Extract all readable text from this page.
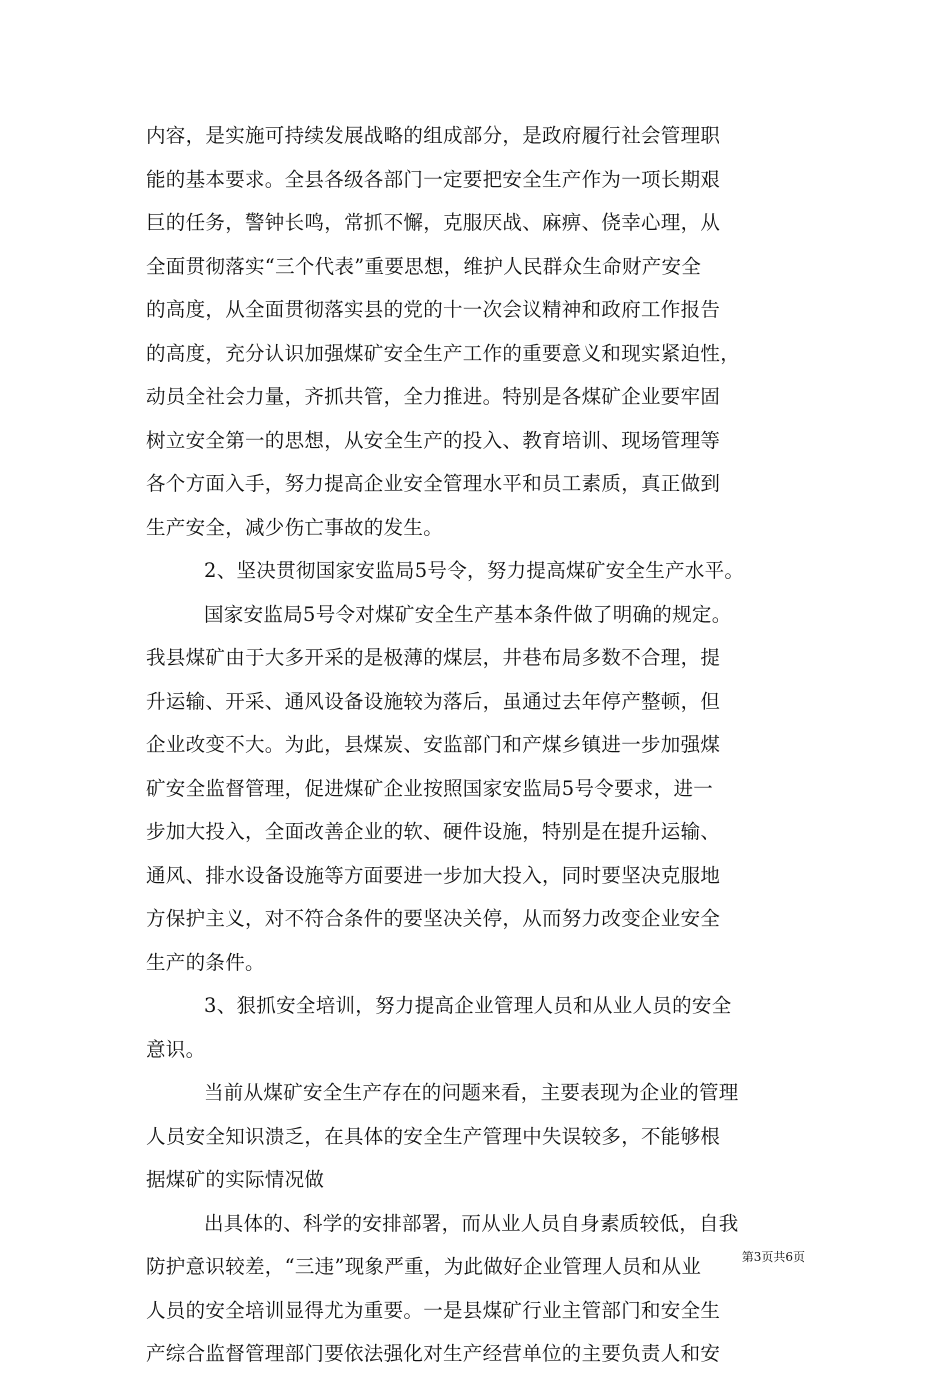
内容，是实施可持续发展战略的组成部分，是政府履行社会管理职
能的基本要求。全县各级各部门一定要把安全生产作为一项长期艰
巨的任务，警钟长鸣，常抓不懈，克服厌战、麻痹、侥幸心理，从
全面贯彻落实“三个代表”重要思想，维护人民群众生命财产安全
的高度，从全面贯彻落实县的党的十一次会议精神和政府工作报告
的高度，充分认识加强煤矿安全生产工作的重要意义和现实紧迫性，
动员全社会力量，齐抓共管，全力推进。特别是各煤矿企业要牢固
树立安全第一的思想，从安全生产的投入、教育培训、现场管理等
各个方面入手，努力提高企业安全管理水平和员工素质，真正做到
生产安全，减少伤亡事故的发生。
2、坚决贯彻国家安监局5号令，努力提高煤矿安全生产水平。
国家安监局5号令对煤矿安全生产基本条件做了明确的规定。
我县煤矿由于大多开采的是极薄的煤层，井巷布局多数不合理，提
升运输、开采、通风设备设施较为落后，虽通过去年停产整顿，但
企业改变不大。为此，县煤炭、安监部门和产煤乡镇进一步加强煤
矿安全监督管理，促进煤矿企业按照国家安监局5号令要求，进一
步加大投入，全面改善企业的软、硬件设施，特别是在提升运输、
通风、排水设备设施等方面要进一步加大投入，同时要坚决克服地
方保护主义，对不符合条件的要坚决关停，从而努力改变企业安全
生产的条件。
3、狠抓安全培训，努力提高企业管理人员和从业人员的安全
意识。
当前从煤矿安全生产存在的问题来看，主要表现为企业的管理
人员安全知识溃乏，在具体的安全生产管理中失误较多，不能够根
据煤矿的实际情况做
出具体的、科学的安排部署，而从业人员自身素质较低，自我
防护意识较差，“三违”现象严重，为此做好企业管理人员和从业
人员的安全培训显得尤为重要。一是县煤矿行业主管部门和安全生
产综合监督管理部门要依法强化对生产经营单位的主要负责人和安
第3页共6页
